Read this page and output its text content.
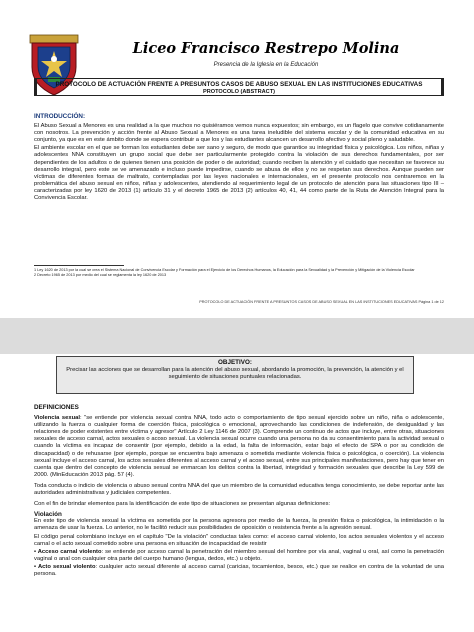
Liceo Francisco Restrepo Molina
Presencia de la Iglesia en la Educación
PROTOCOLO DE ACTUACIÓN FRENTE A PRESUNTOS CASOS DE ABUSO SEXUAL EN LAS INSTITUCIONES EDUCATIVAS
PROTOCOLO (ABSTRACT)
INTRODUCCIÓN:

El Abuso Sexual a Menores es una realidad a la que muchos no quisiéramos vemos nunca expuestos; sin embargo, es un flagelo que convive cotidianamente con nosotros. La prevención y acción frente al Abuso Sexual a Menores es una tarea ineludible del sistema escolar y de la comunidad educativa en su conjunto, ya que es en este ámbito donde se espera contribuir a que los y las estudiantes alcancen un desarrollo afectivo y social pleno y saludable.

El ambiente escolar en el que se forman los estudiantes debe ser sano y seguro, de modo que garantice su integridad física y psicológica. Los niños, niñas y adolescentes NNA constituyen un grupo social que debe ser particularmente protegido contra la violación de sus derechos fundamentales, por ser dependientes de los adultos o de quienes tienen una posición de poder o de autoridad; cuando reciben la atención y el cuidado que necesitan se favorece su desarrollo integral, pero este se ve amenazado e incluso puede impedirse, cuando se abusa de ellos y no se respetan sus derechos. Aunque pueden ser víctimas de diferentes formas de maltrato, contempladas por las leyes nacionales e internacionales, en el presente protocolo nos centraremos en la problemática del abuso sexual en niños, niñas y adolescentes, atendiendo al requerimiento legal de un protocolo de atención para las situaciones tipo III – caracterizadas por ley 1620 de 2013 (1) artículo 31 y el decreto 1965 de 2013 (2) artículos 40, 41, 44 como parte de la Ruta de Atención Integral para la Convivencia Escolar.

1 Ley 1620 de 2013 por la cual se crea el Sistema Nacional de Convivencia Escolar y Formación para el Ejercicio de los Derechos Humanos, la Educación para la Sexualidad y la Prevención y Mitigación de la Violencia Escolar
2 Decreto 1965 de 2013 por medio del cual se reglamenta la ley 1620 de 2013
PROTOCOLO DE ACTUACIÓN FRENTE A PRESUNTOS CASOS DE ABUSO SEXUAL EN LAS INSTITUCIONES EDUCATIVAS Página 1 de 12
OBJETIVO:
Precisar las acciones que se desarrollan para la atención del abuso sexual, abordando la promoción, la prevención, la atención y el seguimiento de situaciones puntuales relacionadas.
DEFINICIONES

Violencia sexual: "se entiende por violencia sexual contra NNA, todo acto o comportamiento de tipo sexual ejercido sobre un niño, niña o adolescente, utilizando la fuerza o cualquier forma de coerción física, psicológica o emocional, aprovechando las condiciones de indefensión, de desigualdad y las relaciones de poder existentes entre víctima y agresor" Artículo 2 Ley 1146 de 2007 (3). Comprende un continuo de actos que incluye, entre otras, situaciones sexuales de acceso carnal, actos sexuales o acoso sexual. La violencia sexual ocurre cuando una persona no da su consentimiento para la actividad sexual o cuando la víctima es incapaz de consentir (por ejemplo, debido a la edad, la falta de información, estar bajo el efecto de SPA o por su condición de discapacidad) o de rehusarse (por ejemplo, porque se encuentra bajo amenaza o sometida mediante violencia física o psicológica, o coerción). La violencia sexual incluye el acceso carnal, los actos sexuales diferentes al acceso carnal y el acoso sexual, entre sus principales manifestaciones, pero hay que tener en cuenta que dentro del concepto de violencia sexual se enmarcan los delitos contra la libertad, integridad y formación sexuales que describe la Ley 599 de 2000. (MinEducación 2013 pág. 57 (4).

Toda conducta o indicio de violencia o abuso sexual contra NNA del que un miembro de la comunidad educativa tenga conocimiento, se debe reportar ante las autoridades administrativas y judiciales competentes.

Con el fin de brindar elementos para la identificación de este tipo de situaciones se presentan algunas definiciones:

Violación

En este tipo de violencia sexual la víctima es sometida por la persona agresora por medio de la fuerza, la presión física o psicológica, la intimidación o la amenaza de usar la fuerza. Lo anterior, no le facilitó reducir sus posibilidades de oposición o resistencia frente a la agresión sexual.

El código penal colombiano incluye en el capítulo "De la violación" conductas tales como: el acceso carnal violento, los actos sexuales violentos y el acceso carnal o el acto sexual cometido sobre una persona en situación de incapacidad de resistir

• Acceso carnal violento: se entiende por acceso carnal la penetración del miembro sexual del hombre por vía anal, vaginal u oral, así como la penetración vaginal o anal con cualquier otra parte del cuerpo humano (lengua, dedos, etc.) u objeto.

• Acto sexual violento: cualquier acto sexual diferente al acceso carnal (caricias, tocamientos, besos, etc.) que se realice en contra de la voluntad de una persona.
